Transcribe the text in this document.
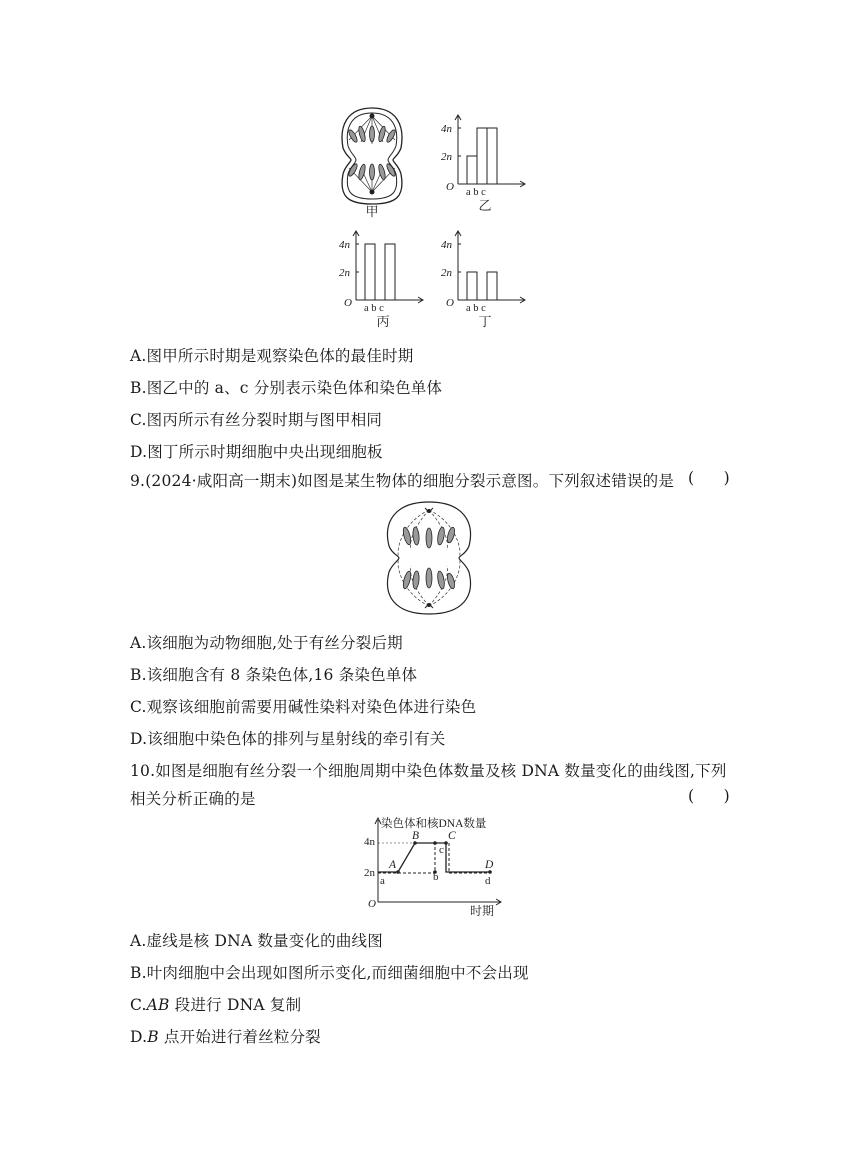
甲
4n
2n
O a b c
乙
4n
2n
O a b c
丙
4n
2n
O a b c
丁
A.图甲所示时期是观察染色体的最佳时期
B.图乙中的 a、c 分别表示染色体和染色单体
C.图丙所示有丝分裂时期与图甲相同
D.图丁所示时期细胞中央出现细胞板
9.(2024·咸阳高一期末)如图是某生物体的细胞分裂示意图。下列叙述错误的是 (      )
A.该细胞为动物细胞,处于有丝分裂后期
B.该细胞含有 8 条染色体,16 条染色单体
C.观察该细胞前需要用碱性染料对染色体进行染色
D.该细胞中染色体的排列与星射线的牵引有关
10.如图是细胞有丝分裂一个细胞周期中染色体数量及核 DNA 数量变化的曲线图,下列
相关分析正确的是	(      )
染色体和核DNA数量
时期
4n
2n
O
A
B	C
D
a	b
c
d
A.虚线是核 DNA 数量变化的曲线图
B.叶肉细胞中会出现如图所示变化,而细菌细胞中不会出现
C.AB 段进行 DNA 复制
D.B 点开始进行着丝粒分裂
